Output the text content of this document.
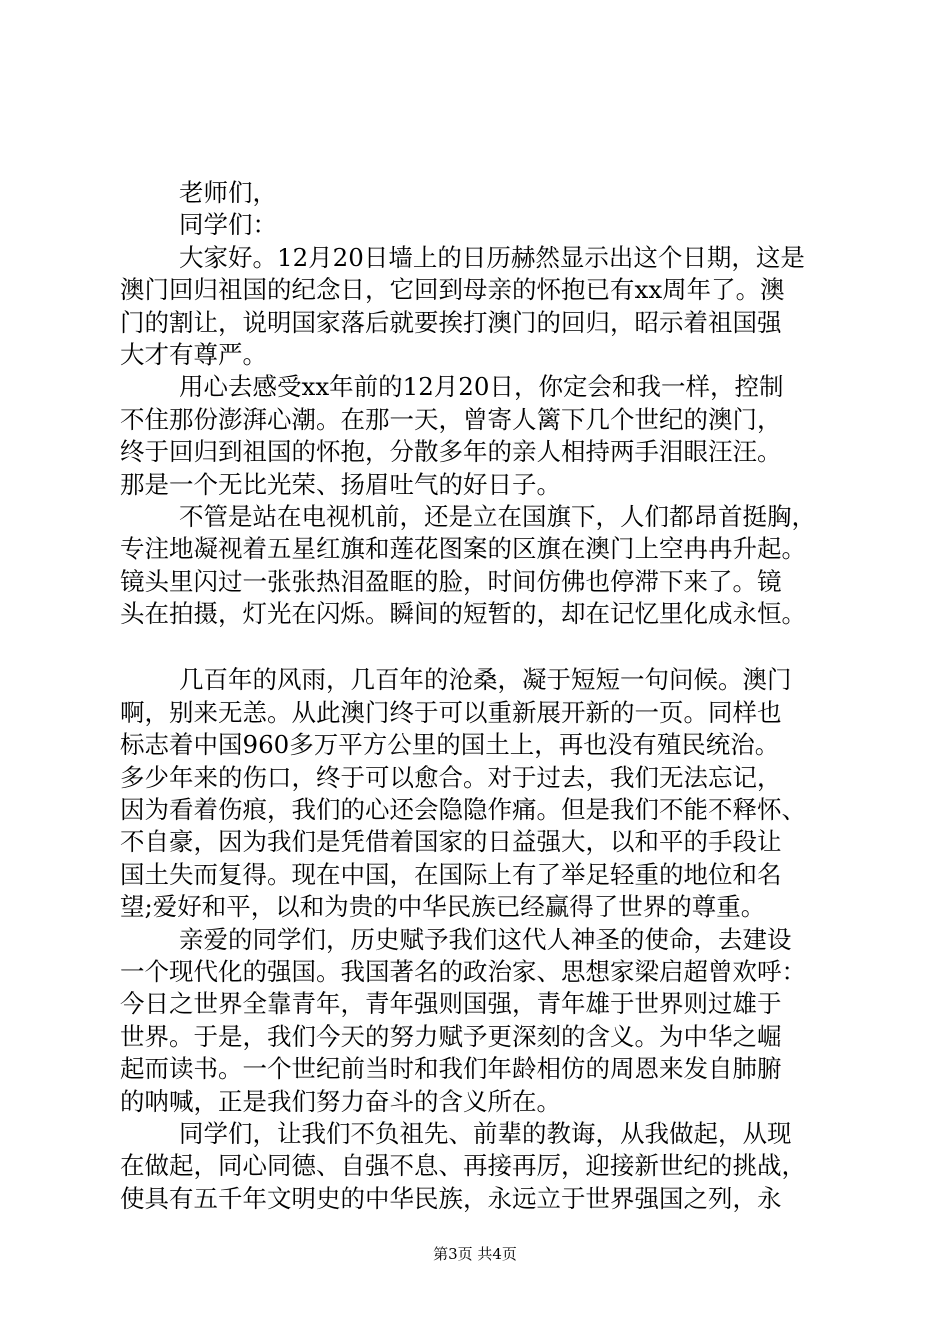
老师们，
同学们：
大家好。12月20日墙上的日历赫然显示出这个日期，这是
澳门回归祖国的纪念日，它回到母亲的怀抱已有xx周年了。澳
门的割让，说明国家落后就要挨打澳门的回归，昭示着祖国强
大才有尊严。
用心去感受xx年前的12月20日，你定会和我一样，控制
不住那份澎湃心潮。在那一天，曾寄人篱下几个世纪的澳门，
终于回归到祖国的怀抱，分散多年的亲人相持两手泪眼汪汪。
那是一个无比光荣、扬眉吐气的好日子。
不管是站在电视机前，还是立在国旗下，人们都昂首挺胸，
专注地凝视着五星红旗和莲花图案的区旗在澳门上空冉冉升起。
镜头里闪过一张张热泪盈眶的脸，时间仿佛也停滞下来了。镜
头在拍摄，灯光在闪烁。瞬间的短暂的，却在记忆里化成永恒。
几百年的风雨，几百年的沧桑，凝于短短一句问候。澳门
啊，别来无恙。从此澳门终于可以重新展开新的一页。同样也
标志着中国960多万平方公里的国土上，再也没有殖民统治。
多少年来的伤口，终于可以愈合。对于过去，我们无法忘记，
因为看着伤痕，我们的心还会隐隐作痛。但是我们不能不释怀、
不自豪，因为我们是凭借着国家的日益强大，以和平的手段让
国土失而复得。现在中国，在国际上有了举足轻重的地位和名
望;爱好和平，以和为贵的中华民族已经赢得了世界的尊重。
亲爱的同学们，历史赋予我们这代人神圣的使命，去建设
一个现代化的强国。我国著名的政治家、思想家梁启超曾欢呼：
今日之世界全靠青年，青年强则国强，青年雄于世界则过雄于
世界。于是，我们今天的努力赋予更深刻的含义。为中华之崛
起而读书。一个世纪前当时和我们年龄相仿的周恩来发自肺腑
的呐喊，正是我们努力奋斗的含义所在。
同学们，让我们不负祖先、前辈的教诲，从我做起，从现
在做起，同心同德、自强不息、再接再厉，迎接新世纪的挑战，
使具有五千年文明史的中华民族，永远立于世界强国之列，永
第3页 共4页
